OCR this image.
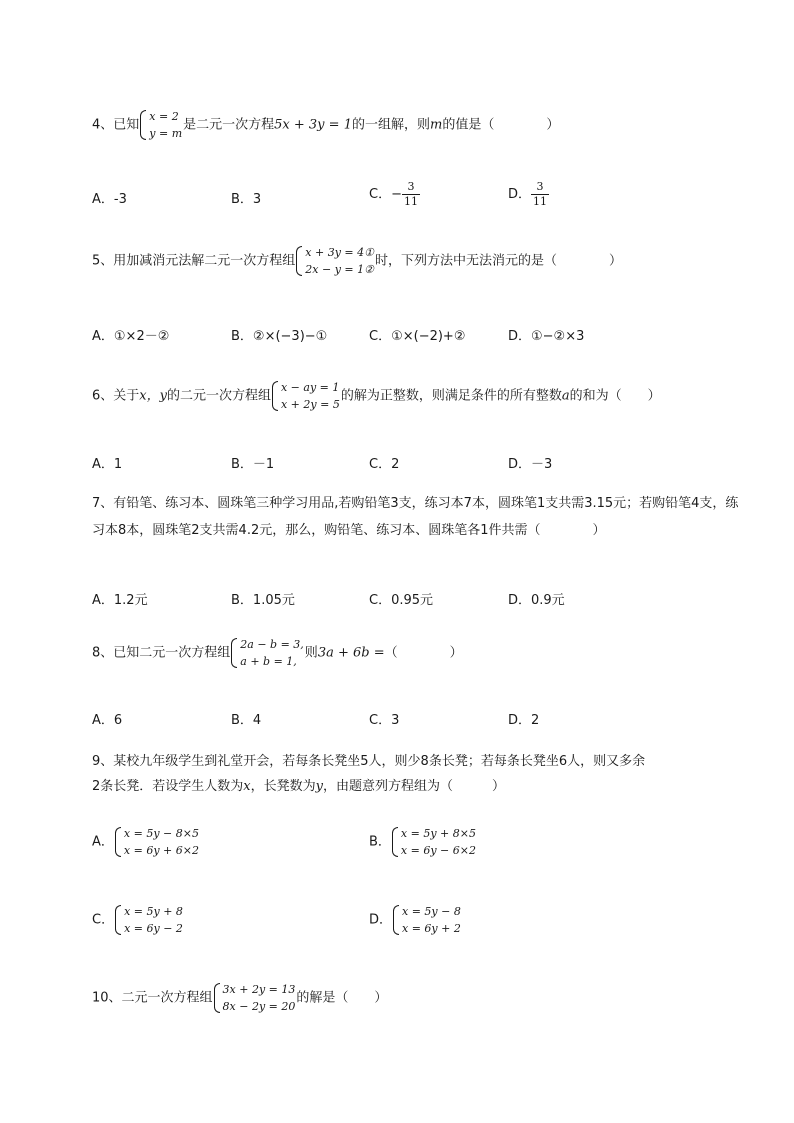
4、已知
x = 2
y = m
是二元一次方程5x + 3y = 1的一组解，则m的值是（　　　　）
A．-3	B．3	C．− $\frac{3}{11}$	D． $\frac{3}{11}$
5、用加减消元法解二元一次方程组
x + 3y = 4①
2x − y = 1②
时，下列方法中无法消元的是（　　　　）
A．①×2－②	B．②×(−3)−①	C．①×(−2)+②	D．①−②×3
6、关于x，y的二元一次方程组
x − ay = 1
x + 2y = 5
的解为正整数，则满足条件的所有整数a的和为（　　）
A．1	B．－1	C．2	D．－3
7、有铅笔、练习本、圆珠笔三种学习用品,若购铅笔3支，练习本7本，圆珠笔1支共需3.15元；若购铅笔4支，练习本8本，圆珠笔2支共需4.2元，那么，购铅笔、练习本、圆珠笔各1件共需（　　　　）
A．1.2元	B．1.05元	C．0.95元	D．0.9元
8、已知二元一次方程组
2a − b = 3,
a + b = 1,
则3a + 6b =（　　　　）
A．6	B．4	C．3	D．2
9、某校九年级学生到礼堂开会，若每条长凳坐5人，则少8条长凳；若每条长凳坐6人，则又多余
2条长凳．若设学生人数为x，长凳数为y，由题意列方程组为（　　　）
A．
x = 5y − 8×5
x = 6y + 6×2
B．
x = 5y + 8×5
x = 6y − 6×2
C．
x = 5y + 8
x = 6y − 2
D．
x = 5y − 8
x = 6y + 2
10、二元一次方程组
3x + 2y = 13
8x − 2y = 20
的解是（　　）
